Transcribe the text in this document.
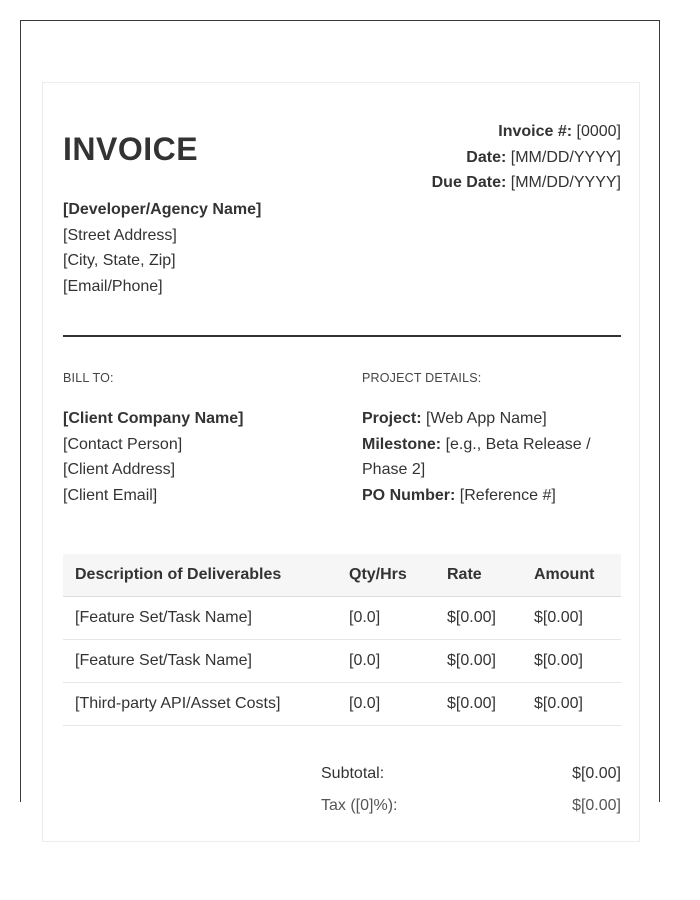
INVOICE	Invoice #: [0000]
Date: [MM/DD/YYYY]
Due Date: [MM/DD/YYYY]
[Developer/Agency Name]
[Street Address]
[City, State, Zip]
[Email/Phone]
BILL TO:
[Client Company Name]
[Contact Person]
[Client Address]
[Client Email]
PROJECT DETAILS:
Project: [Web App Name]
Milestone: [e.g., Beta Release / Phase 2]
PO Number: [Reference #]
Description of Deliverables	Qty/Hrs	Rate	Amount
[Feature Set/Task Name]	[0.0]	$[0.00]	$[0.00]
[Feature Set/Task Name]	[0.0]	$[0.00]	$[0.00]
[Third-party API/Asset Costs]	[0.0]	$[0.00]	$[0.00]
Subtotal:	$[0.00]
Tax ([0]%):	$[0.00]
